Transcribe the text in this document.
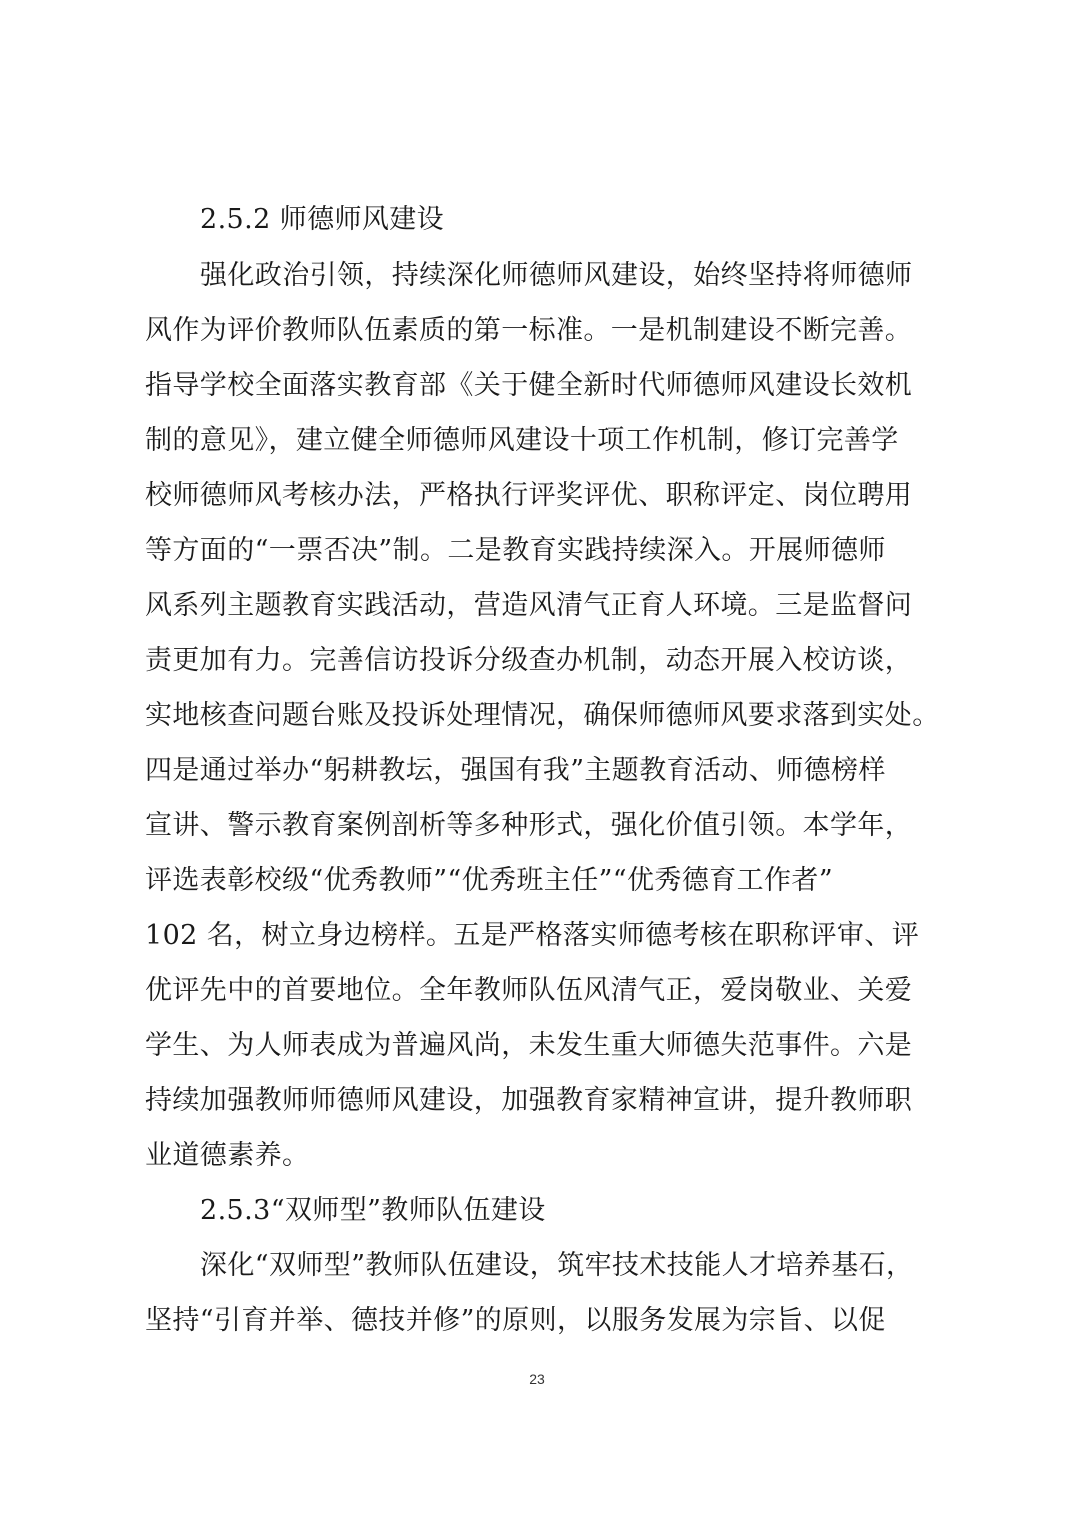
2.5.2 师德师风建设
强化政治引领，持续深化师德师风建设，始终坚持将师德师
风作为评价教师队伍素质的第一标准。一是机制建设不断完善。
指导学校全面落实教育部《关于健全新时代师德师风建设长效机
制的意见》，建立健全师德师风建设十项工作机制，修订完善学
校师德师风考核办法，严格执行评奖评优、职称评定、岗位聘用
等方面的“一票否决”制。二是教育实践持续深入。开展师德师
风系列主题教育实践活动，营造风清气正育人环境。三是监督问
责更加有力。完善信访投诉分级查办机制，动态开展入校访谈，
实地核查问题台账及投诉处理情况，确保师德师风要求落到实处。
四是通过举办“躬耕教坛，强国有我”主题教育活动、师德榜样
宣讲、警示教育案例剖析等多种形式，强化价值引领。本学年，
评选表彰校级“优秀教师”“优秀班主任”“优秀德育工作者”
102 名，树立身边榜样。五是严格落实师德考核在职称评审、评
优评先中的首要地位。全年教师队伍风清气正，爱岗敬业、关爱
学生、为人师表成为普遍风尚，未发生重大师德失范事件。六是
持续加强教师师德师风建设，加强教育家精神宣讲，提升教师职
业道德素养。
2.5.3“双师型”教师队伍建设
深化“双师型”教师队伍建设，筑牢技术技能人才培养基石，
坚持“引育并举、德技并修”的原则，以服务发展为宗旨、以促
23
